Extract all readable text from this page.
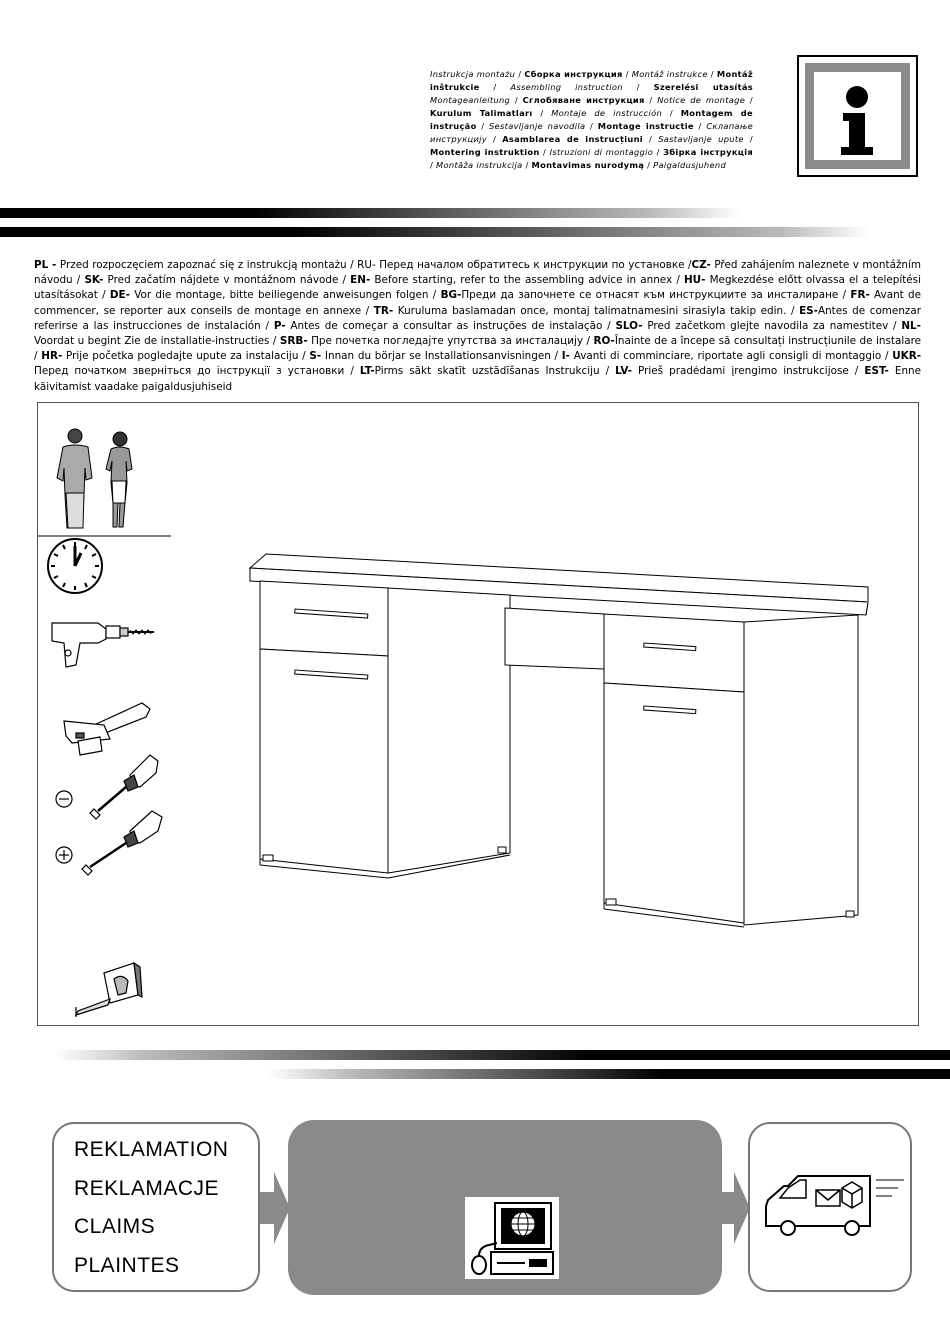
Instrukcja montażu / Сборка инструкция / Montáž instrukce / Montáž inštrukcie / Assembling instruction / Szerelési utasítás Montageanleitung / Сглобяване инструкция / Notice de montage / Kurulum Talimatları / Montaje de instrucción / Montagem de instrução / Sestavljanje navodila / Montage instructie / Склапање инструкцију / Asamblarea de instrucțiuni / Sastavljanje upute / Montering instruktion / Istruzioni di montaggio / Збірка інструкція / Montāža instrukcija / Montavimas nurodymą / Paigaldusjuhend
PL - Przed rozpoczęciem zapoznać się z instrukcją montażu / RU- Перед началом обратитесь к инструкции по установке /CZ- Před zahájením naleznete v montážním návodu / SK- Pred začatím nájdete v montážnom návode / EN- Before starting, refer to the assembling advice in annex / HU- Megkezdése előtt olvassa el a telepítési utasításokat / DE- Vor die montage, bitte beiliegende anweisungen folgen / BG-Преди да започнете се отнасят към инструкциите за инсталиране / FR- Avant de commencer, se reporter aux conseils de montage en annexe / TR- Kuruluma baslamadan once, montaj talimatnamesini sirasiyla takip edin. / ES-Antes de comenzar referirse a las instrucciones de instalación / P- Antes de começar a consultar as instruções de instalação / SLO- Pred začetkom glejte navodila za namestitev / NL- Voordat u begint Zie de installatie-instructies / SRB- Пре почетка погледајте упутства за инсталацију / RO-Înainte de a începe să consultați instrucțiunile de instalare / HR- Prije početka pogledajte upute za instalaciju / S- Innan du börjar se Installationsanvisningen / I- Avanti di comminciare, riportate agli consigli di montaggio / UKR- Перед початком зверніться до інструкції з установки / LT-Pirms sākt skatīt uzstādīšanas Instrukciju / LV- Prieš pradėdami įrengimo instrukcijose / EST- Enne käivitamist vaadake paigaldusjuhiseid
REKLAMATION
REKLAMACJE
CLAIMS
PLAINTES
